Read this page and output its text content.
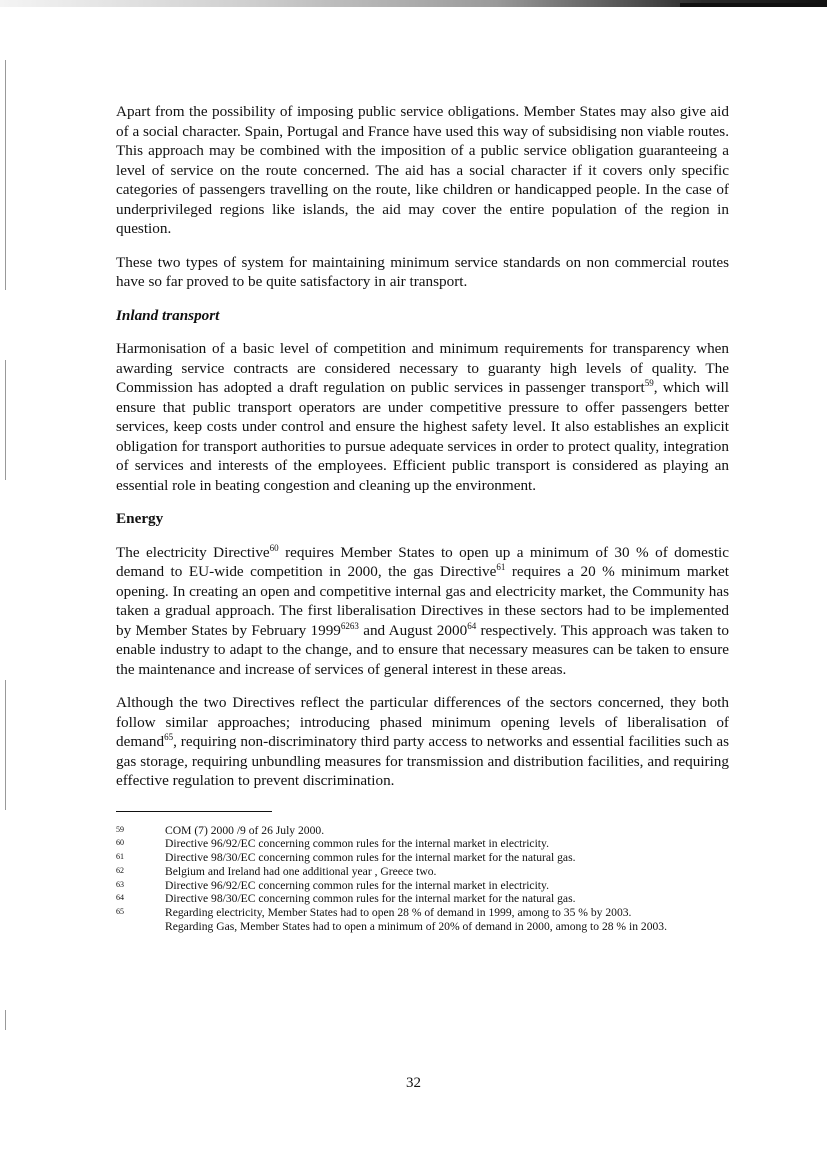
Apart from the possibility of imposing public service obligations. Member States may also give aid of a social character. Spain, Portugal and France have used this way of subsidising non viable routes. This approach may be combined with the imposition of a public service obligation guaranteeing a level of service on the route concerned. The aid has a social character if it covers only specific categories of passengers travelling on the route, like children or handicapped people. In the case of underprivileged regions like islands, the aid may cover the entire population of the region in question.

These two types of system for maintaining minimum service standards on non commercial routes have so far proved to be quite satisfactory in air transport.

Inland transport

Harmonisation of a basic level of competition and minimum requirements for transparency when awarding service contracts are considered necessary to guaranty high levels of quality. The Commission has adopted a draft regulation on public services in passenger transport$^{59}$, which will ensure that public transport operators are under competitive pressure to offer passengers better services, keep costs under control and ensure the highest safety level. It also establishes an explicit obligation for transport authorities to pursue adequate services in order to protect quality, integration of services and interests of the employees. Efficient public transport is considered as playing an essential role in beating congestion and cleaning up the environment.

Energy

The electricity Directive$^{60}$ requires Member States to open up a minimum of 30 % of domestic demand to EU-wide competition in 2000, the gas Directive$^{61}$ requires a 20 % minimum market opening. In creating an open and competitive internal gas and electricity market, the Community has taken a gradual approach. The first liberalisation Directives in these sectors had to be implemented by Member States by February $1999^{6263}$ and August 2000$^{64}$ respectively. This approach was taken to enable industry to adapt to the change, and to ensure that necessary measures can be taken to ensure the maintenance and increase of services of general interest in these areas.

Although the two Directives reflect the particular differences of the sectors concerned, they both follow similar approaches; introducing phased minimum opening levels of liberalisation of demand$^{65}$, requiring non-discriminatory third party access to networks and essential facilities such as gas storage, requiring unbundling measures for transmission and distribution facilities, and requiring effective regulation to prevent discrimination.

59	COM (7) 2000 /9 of 26 July 2000.
60	Directive 96/92/EC concerning common rules for the internal market in electricity.
61	Directive 98/30/EC concerning common rules for the internal market for the natural gas.
62	Belgium and Ireland had one additional year , Greece two.
63	Directive 96/92/EC concerning common rules for the internal market in electricity.
64	Directive 98/30/EC concerning common rules for the internal market for the natural gas.
65	Regarding electricity, Member States had to open 28 % of demand in 1999, among to 35 % by 2003.
Regarding Gas, Member States had to open a minimum of 20% of demand in 2000, among to 28 % in 2003.
32
